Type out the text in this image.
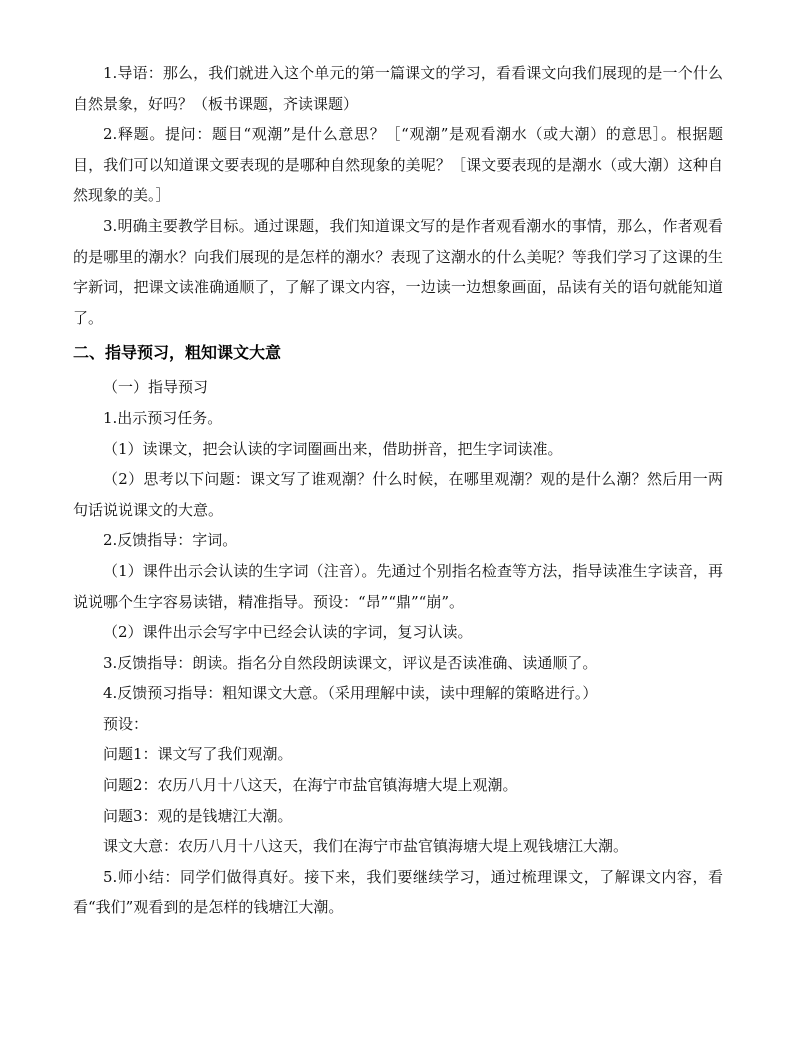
1.导语：那么，我们就进入这个单元的第一篇课文的学习，看看课文向我们展现的是一个什么自然景象，好吗？（板书课题，齐读课题）

2.释题。提问：题目“观潮”是什么意思？［“观潮”是观看潮水（或大潮）的意思］。根据题目，我们可以知道课文要表现的是哪种自然现象的美呢？［课文要表现的是潮水（或大潮）这种自然现象的美。］

3.明确主要教学目标。通过课题，我们知道课文写的是作者观看潮水的事情，那么，作者观看的是哪里的潮水？向我们展现的是怎样的潮水？表现了这潮水的什么美呢？等我们学习了这课的生字新词，把课文读准确通顺了，了解了课文内容，一边读一边想象画面，品读有关的语句就能知道了。

二、指导预习，粗知课文大意

（一）指导预习

1.出示预习任务。

（1）读课文，把会认读的字词圈画出来，借助拼音，把生字词读准。

（2）思考以下问题：课文写了谁观潮？什么时候，在哪里观潮？观的是什么潮？然后用一两句话说说课文的大意。

2.反馈指导：字词。

（1）课件出示会认读的生字词（注音）。先通过个别指名检查等方法，指导读准生字读音，再说说哪个生字容易读错，精准指导。预设：“昂”“鼎”“崩”。

（2）课件出示会写字中已经会认读的字词，复习认读。

3.反馈指导：朗读。指名分自然段朗读课文，评议是否读准确、读通顺了。

4.反馈预习指导：粗知课文大意。（采用理解中读，读中理解的策略进行。）

预设：

问题1：课文写了我们观潮。

问题2：农历八月十八这天，在海宁市盐官镇海塘大堤上观潮。

问题3：观的是钱塘江大潮。

课文大意：农历八月十八这天，我们在海宁市盐官镇海塘大堤上观钱塘江大潮。

5.师小结：同学们做得真好。接下来，我们要继续学习，通过梳理课文，了解课文内容，看看“我们”观看到的是怎样的钱塘江大潮。
